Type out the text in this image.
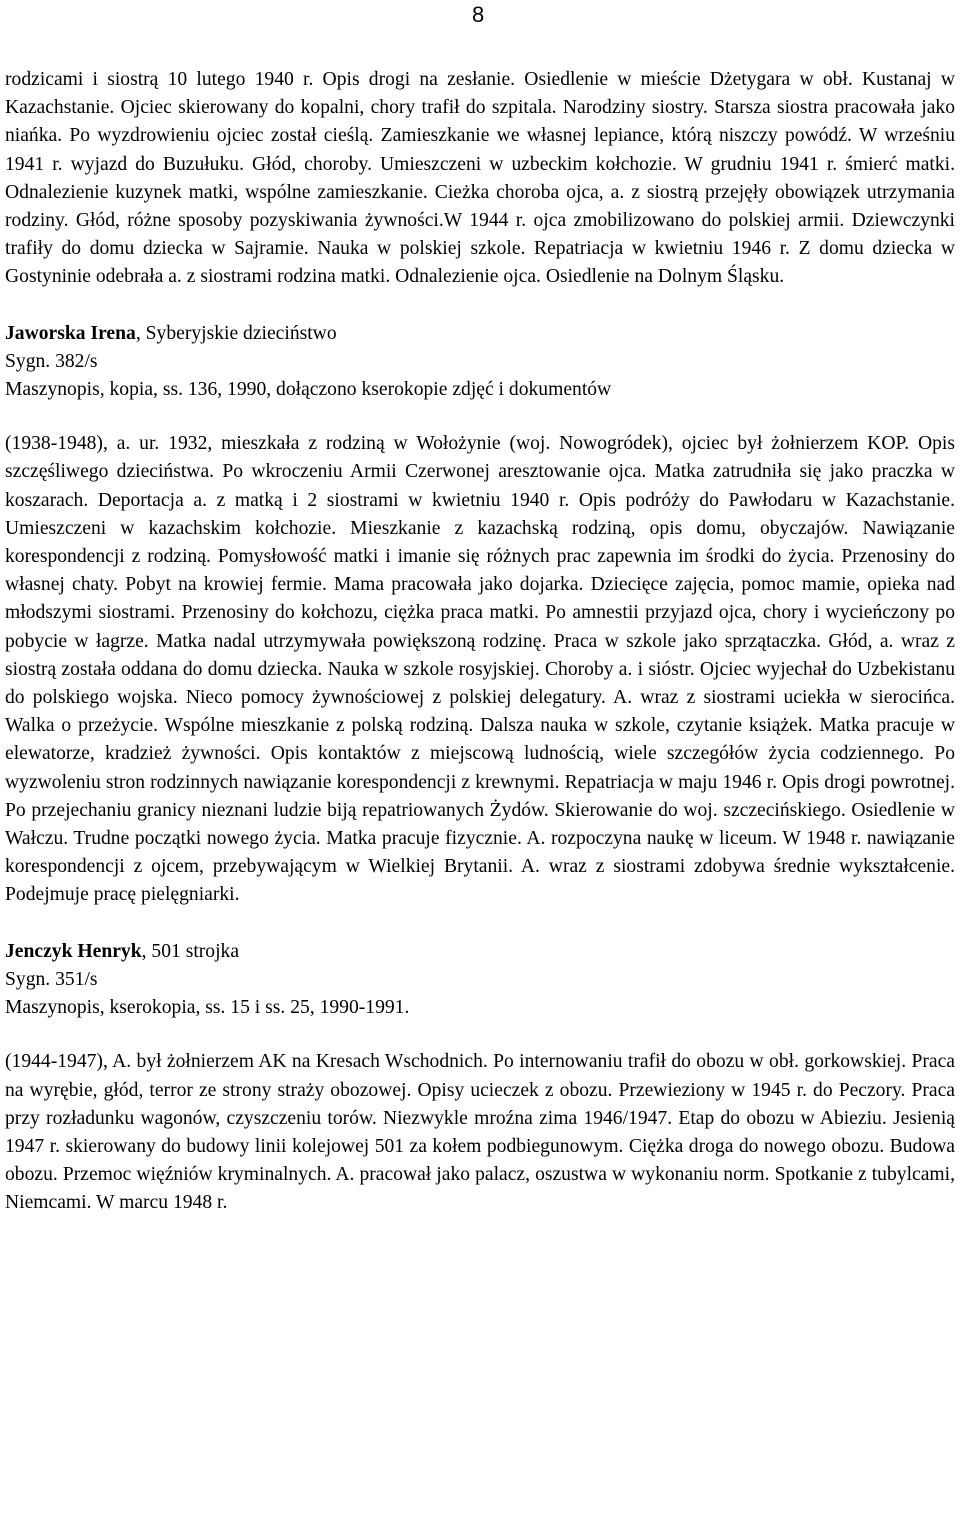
8

rodzicami i siostrą 10 lutego 1940 r. Opis drogi na zesłanie. Osiedlenie w mieście Dżetygara w obł. Kustanaj w Kazachstanie. Ojciec skierowany do kopalni, chory trafił do szpitala. Narodziny siostry. Starsza siostra pracowała jako niańka. Po wyzdrowieniu ojciec został cieślą. Zamieszkanie we własnej lepiance, którą niszczy powódź. W wrześniu 1941 r. wyjazd do Buzułuku. Głód, choroby. Umieszczeni w uzbeckim kołchozie. W grudniu 1941 r. śmierć matki. Odnalezienie kuzynek matki, wspólne zamieszkanie. Cieżka choroba ojca, a. z siostrą przejęły obowiązek utrzymania rodziny. Głód, różne sposoby pozyskiwania żywności.W 1944 r. ojca zmobilizowano do polskiej armii. Dziewczynki trafiły do domu dziecka w Sajramie. Nauka w polskiej szkole. Repatriacja w kwietniu 1946 r. Z domu dziecka w Gostyninie odebrała a. z siostrami rodzina matki. Odnalezienie ojca. Osiedlenie na Dolnym Śląsku.

Jaworska Irena, Syberyjskie dzieciństwo

Sygn. 382/s

Maszynopis, kopia, ss. 136, 1990, dołączono kserokopie zdjęć i dokumentów

(1938-1948), a. ur. 1932, mieszkała z rodziną w Wołożynie (woj. Nowogródek), ojciec był żołnierzem KOP. Opis szczęśliwego dzieciństwa. Po wkroczeniu Armii Czerwonej aresztowanie ojca. Matka zatrudniła się jako praczka w koszarach. Deportacja a. z matką i 2 siostrami w kwietniu 1940 r. Opis podróży do Pawłodaru w Kazachstanie. Umieszczeni w kazachskim kołchozie. Mieszkanie z kazachską rodziną, opis domu, obyczajów. Nawiązanie korespondencji z rodziną. Pomysłowość matki i imanie się różnych prac zapewnia im środki do życia. Przenosiny do własnej chaty. Pobyt na krowiej fermie. Mama pracowała jako dojarka. Dziecięce zajęcia, pomoc mamie, opieka nad młodszymi siostrami. Przenosiny do kołchozu, ciężka praca matki. Po amnestii przyjazd ojca, chory i wycieńczony po pobycie w łagrze. Matka nadal utrzymywała powiększoną rodzinę. Praca w szkole jako sprzątaczka. Głód, a. wraz z siostrą została oddana do domu dziecka. Nauka w szkole rosyjskiej. Choroby a. i sióstr. Ojciec wyjechał do Uzbekistanu do polskiego wojska. Nieco pomocy żywnościowej z polskiej delegatury. A. wraz z siostrami uciekła w sierocińca. Walka o przeżycie. Wspólne mieszkanie z polską rodziną. Dalsza nauka w szkole, czytanie książek. Matka pracuje w elewatorze, kradzież żywności. Opis kontaktów z miejscową ludnością, wiele szczegółów życia codziennego. Po wyzwoleniu stron rodzinnych nawiązanie korespondencji z krewnymi. Repatriacja w maju 1946 r. Opis drogi powrotnej. Po przejechaniu granicy nieznani ludzie biją repatriowanych Żydów. Skierowanie do woj. szczecińskiego. Osiedlenie w Wałczu. Trudne początki nowego życia. Matka pracuje fizycznie. A. rozpoczyna naukę w liceum. W 1948 r. nawiązanie korespondencji z ojcem, przebywającym w Wielkiej Brytanii. A. wraz z siostrami zdobywa średnie wykształcenie. Podejmuje pracę pielęgniarki.

Jenczyk Henryk, 501 strojka

Sygn. 351/s

Maszynopis, kserokopia, ss. 15 i ss. 25, 1990-1991.

(1944-1947), A. był żołnierzem AK na Kresach Wschodnich. Po internowaniu trafił do obozu w obł. gorkowskiej. Praca na wyrębie, głód, terror ze strony straży obozowej. Opisy ucieczek z obozu. Przewieziony w 1945 r. do Peczory. Praca przy rozładunku wagonów, czyszczeniu torów. Niezwykle mroźna zima 1946/1947. Etap do obozu w Abieziu. Jesienią 1947 r. skierowany do budowy linii kolejowej 501 za kołem podbiegunowym. Ciężka droga do nowego obozu. Budowa obozu. Przemoc więźniów kryminalnych. A. pracował jako palacz, oszustwa w wykonaniu norm. Spotkanie z tubylcami, Niemcami. W marcu 1948 r.
